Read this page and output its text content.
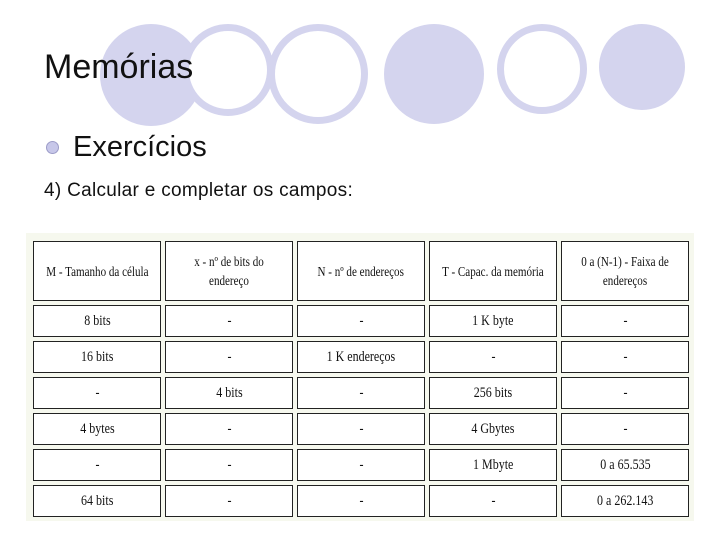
Memórias
Exercícios
4) Calcular e completar os campos:
M - Tamanho da célula	x - nº de bits do endereço	N - nº de endereços	T - Capac. da memória	0 a (N-1) - Faixa de endereços
8 bits	-	-	1 K byte	-
16 bits	-	1 K endereços	-	-
-	4 bits	-	256 bits	-
4 bytes	-	-	4 Gbytes	-
-	-	-	1 Mbyte	0 a 65.535
64 bits	-	-	-	0 a 262.143
